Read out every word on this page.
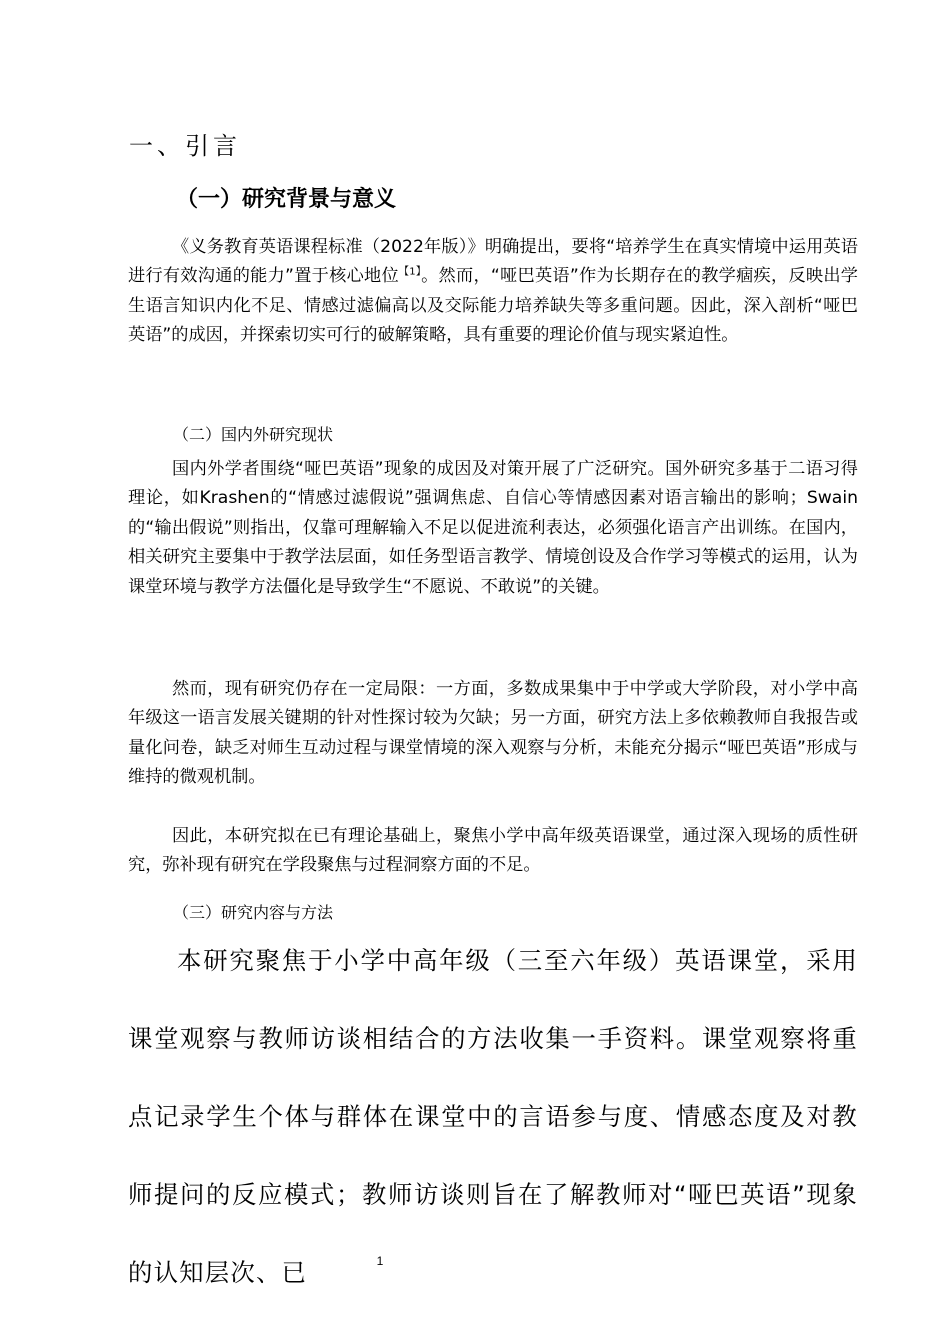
一、引言
（一）研究背景与意义

《义务教育英语课程标准（2022年版）》明确提出，要将“培养学生在真实情境中运用英语进行有效沟通的能力”置于核心地位$^{【1】}$。然而，“哑巴英语”作为长期存在的教学痼疾，反映出学生语言知识内化不足、情感过滤偏高以及交际能力培养缺失等多重问题。因此，深入剖析“哑巴英语”的成因，并探索切实可行的破解策略，具有重要的理论价值与现实紧迫性。

（二）国内外研究现状

国内外学者围绕“哑巴英语”现象的成因及对策开展了广泛研究。国外研究多基于二语习得理论，如Krashen的“情感过滤假说”强调焦虑、自信心等情感因素对语言输出的影响；Swain的“输出假说”则指出，仅靠可理解输入不足以促进流利表达，必须强化语言产出训练。在国内，相关研究主要集中于教学法层面，如任务型语言教学、情境创设及合作学习等模式的运用，认为课堂环境与教学方法僵化是导致学生“不愿说、不敢说”的关键。

然而，现有研究仍存在一定局限：一方面，多数成果集中于中学或大学阶段，对小学中高年级这一语言发展关键期的针对性探讨较为欠缺；另一方面，研究方法上多依赖教师自我报告或量化问卷，缺乏对师生互动过程与课堂情境的深入观察与分析，未能充分揭示“哑巴英语”形成与维持的微观机制。

因此，本研究拟在已有理论基础上，聚焦小学中高年级英语课堂，通过深入现场的质性研究，弥补现有研究在学段聚焦与过程洞察方面的不足。

（三）研究内容与方法

本研究聚焦于小学中高年级（三至六年级）英语课堂，采用课堂观察与教师访谈相结合的方法收集一手资料。课堂观察将重点记录学生个体与群体在课堂中的言语参与度、情感态度及对教师提问的反应模式；教师访谈则旨在了解教师对“哑巴英语”现象的认知层次、已	1
